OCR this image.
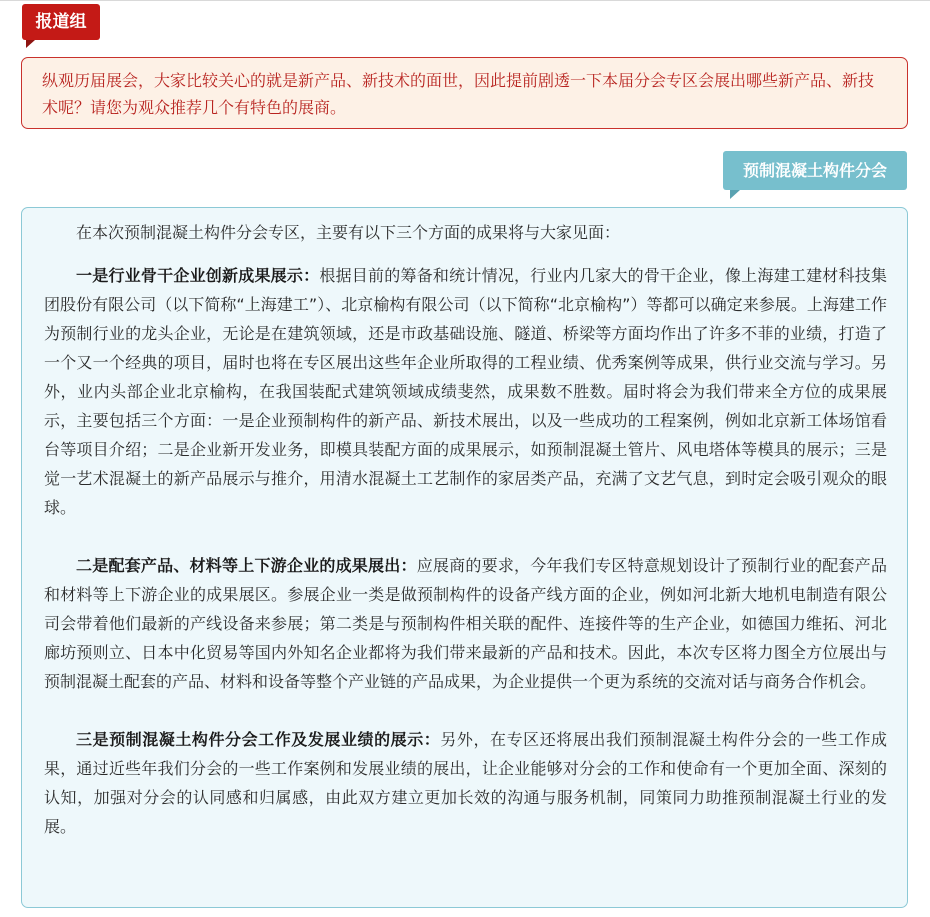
报道组
纵观历届展会，大家比较关心的就是新产品、新技术的面世，因此提前剧透一下本届分会专区会展出哪些新产品、新技术呢？请您为观众推荐几个有特色的展商。
预制混凝土构件分会

在本次预制混凝土构件分会专区，主要有以下三个方面的成果将与大家见面：

一是行业骨干企业创新成果展示：根据目前的筹备和统计情况，行业内几家大的骨干企业，像上海建工建材科技集团股份有限公司（以下简称“上海建工”）、北京榆构有限公司（以下简称“北京榆构”）等都可以确定来参展。上海建工作为预制行业的龙头企业，无论是在建筑领域，还是市政基础设施、隧道、桥梁等方面均作出了许多不菲的业绩，打造了一个又一个经典的项目，届时也将在专区展出这些年企业所取得的工程业绩、优秀案例等成果，供行业交流与学习。另外，业内头部企业北京榆构，在我国装配式建筑领域成绩斐然，成果数不胜数。届时将会为我们带来全方位的成果展示，主要包括三个方面：一是企业预制构件的新产品、新技术展出，以及一些成功的工程案例，例如北京新工体场馆看台等项目介绍；二是企业新开发业务，即模具装配方面的成果展示，如预制混凝土管片、风电塔体等模具的展示；三是觉一艺术混凝土的新产品展示与推介，用清水混凝土工艺制作的家居类产品，充满了文艺气息，到时定会吸引观众的眼球。

二是配套产品、材料等上下游企业的成果展出：应展商的要求，今年我们专区特意规划设计了预制行业的配套产品和材料等上下游企业的成果展区。参展企业一类是做预制构件的设备产线方面的企业，例如河北新大地机电制造有限公司会带着他们最新的产线设备来参展；第二类是与预制构件相关联的配件、连接件等的生产企业，如德国力维拓、河北廊坊预则立、日本中化贸易等国内外知名企业都将为我们带来最新的产品和技术。因此，本次专区将力图全方位展出与预制混凝土配套的产品、材料和设备等整个产业链的产品成果，为企业提供一个更为系统的交流对话与商务合作机会。

三是预制混凝土构件分会工作及发展业绩的展示：另外，在专区还将展出我们预制混凝土构件分会的一些工作成果，通过近些年我们分会的一些工作案例和发展业绩的展出，让企业能够对分会的工作和使命有一个更加全面、深刻的认知，加强对分会的认同感和归属感，由此双方建立更加长效的沟通与服务机制，同策同力助推预制混凝土行业的发展。
